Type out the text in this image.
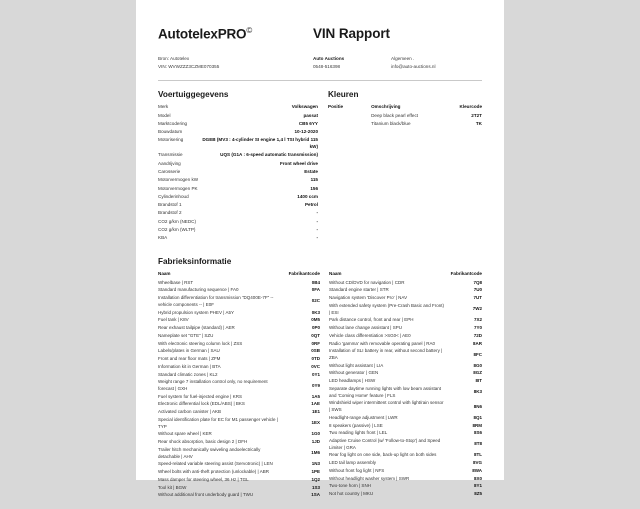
AutotelexPRO©	VIN Rapport
Bron: Autotelex
VIN: WVWZZZ3CZME070355
Auto Auctions
0548-516398
Algemeen .
info@auto-auctions.nl
Voertuiggegevens
Merk	Volkswagen
Model	passat
Marktcodering	CB5 6YY
Bouwdatum	10-12-2020
Motorisering	DGEB (MV3 : 4-cylinder SI engine 1,4 l TSI hybrid 115 kW)
Transmissie	UQS (G1A : 6-speed automatic transmission)
Aandrijving	Front wheel drive
Carosserie	Estate
Motorvermogen kW	115
Motorvermogen PK	156
Cylinderinhoud	1400 ccm
Brandstof 1	Petrol
Brandstof 2	-
CO2 g/km (NEDC)	-
CO2 g/km (WLTP)	-
KBA	-
Kleuren
Positie	Omschrijving	Kleurcode
	Deep black pearl effect	2T2T
	Titanium black/blue	TK
Fabrieksinformatie
Naam	Fabrikantcode
Wheelbase | RST	0B4
Standard manufacturing sequence | FA0	0FA
Installation differentiation for transmission "DQ400E-7F" -- vehicle components -- | E0F	02C
Hybrid propulsion system PHEV | A5Y	0K3
Fuel tank | K8V	0M5
Rear exhaust tailpipe (standard) | AER	0P0
Nameplate set "GTE" | SZU	0QT
With electronic steering column lock | ZSS	0RF
Labels/plates in German | SAU	0SB
Front and rear floor mats | ZFM	0TD
Information kit in German | BTA	0VC
Standard climatic zones | KL2	0Y1
Weight range 7 installation control only, no requirement forecast | GXH	0Y9
Fuel system for fuel-injected engine | KRS	1A5
Electronic differential lock (EDL/ABS) | BKS	1AE
Activated carbon canister | AKB	1E1
Special identification plate for EC for M1 passenger vehicle | TYP	1EX
Without spare wheel | KER	1G0
Rear shock absorption, basic design 2 | DFH	1JD
Trailer hitch mechanically swiveling andoelectrically detachable | AHV	1M6
Speed-related variable steering assist (Servotronic) | LEN	1N3
Wheel bolts with anti-theft protection (unlockable) | ABR	1PE
Mass damper for steering wheel, 36 Hz | TGL	1Q2
Tool kit | BGW	1S3
Without additional front underbody guard | TWU	1SA
Naam	Fabrikantcode
Without CD/DVD for navigation | CDR	7Q8
Standard engine starter | STR	7U0
Navigation system 'Discover Pro' | NAV	7UT
With extended safety system (Pre-Crash Basic and Front) | ESI	7W2
Park distance control, front and rear | EPH	7X2
Without lane change assistant | SPU	7Y0
Vehicle class differentiation >SG0< | AE0	72D
Radio 'gamma' with removable operating panel | RA0	8AR
Installation of SLI battery in rear, without second battery | ZBA	8FC
Without light assistant | LIA	8G0
Without generator | GEN	8GZ
LED headlamps | HSW	8IT
Separate daytime running lights with low beam assistant and 'Coming Home' feature | FLS	8K3
Windshield wiper intermittent control with light/rain sensor | SWS	8N6
Headlight-range adjustment | LWR	8Q1
8 speakers (passive) | LSE	8RM
Two reading lights front | LEL	8S6
Adaptive Cruise Control (w/ 'Follow-to-Stop') and Speed Limiter | GRA	8T8
Rear fog light on one side, back-up light on both sides	8TL
LED tail lamp assembly	8VG
Without front fog light | NFS	8WA
Without headlight washer system | SWR	8X0
Two-tone horn | SNH	8Y1
Not hot country | MKU	8Z5
